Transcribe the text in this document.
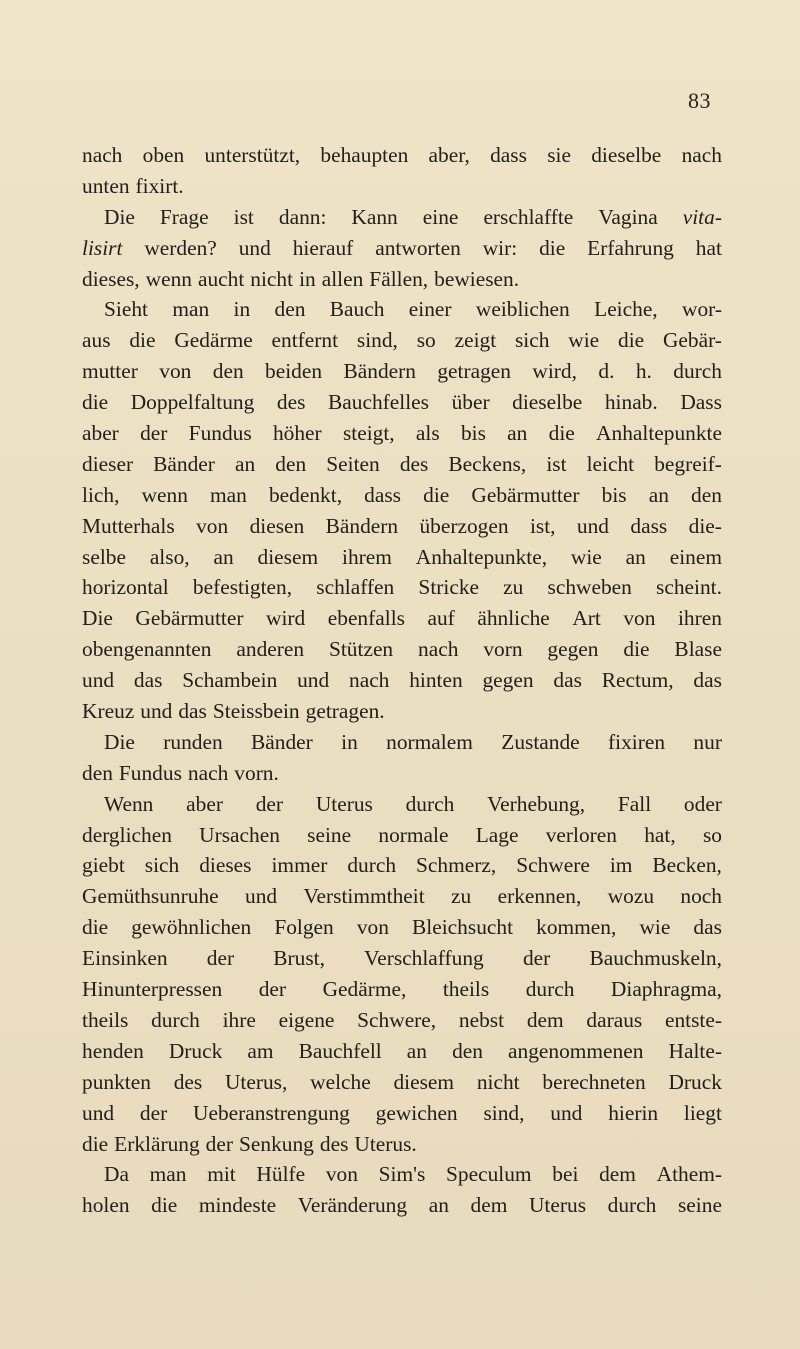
83
nach oben unterstützt, behaupten aber, dass sie dieselbe nach
unten fixirt.
Die Frage ist dann: Kann eine erschlaffte Vagina vita-
lisirt werden? und hierauf antworten wir: die Erfahrung hat
dieses, wenn aucht nicht in allen Fällen, bewiesen.
Sieht man in den Bauch einer weiblichen Leiche, wor-
aus die Gedärme entfernt sind, so zeigt sich wie die Gebär-
mutter von den beiden Bändern getragen wird, d. h. durch
die Doppelfaltung des Bauchfelles über dieselbe hinab. Dass
aber der Fundus höher steigt, als bis an die Anhaltepunkte
dieser Bänder an den Seiten des Beckens, ist leicht begreif-
lich, wenn man bedenkt, dass die Gebärmutter bis an den
Mutterhals von diesen Bändern überzogen ist, und dass die-
selbe also, an diesem ihrem Anhaltepunkte, wie an einem
horizontal befestigten, schlaffen Stricke zu schweben scheint.
Die Gebärmutter wird ebenfalls auf ähnliche Art von ihren
obengenannten anderen Stützen nach vorn gegen die Blase
und das Schambein und nach hinten gegen das Rectum, das
Kreuz und das Steissbein getragen.
Die runden Bänder in normalem Zustande fixiren nur
den Fundus nach vorn.
Wenn aber der Uterus durch Verhebung, Fall oder
derglichen Ursachen seine normale Lage verloren hat, so
giebt sich dieses immer durch Schmerz, Schwere im Becken,
Gemüthsunruhe und Verstimmtheit zu erkennen, wozu noch
die gewöhnlichen Folgen von Bleichsucht kommen, wie das
Einsinken der Brust, Verschlaffung der Bauchmuskeln,
Hinunterpressen der Gedärme, theils durch Diaphragma,
theils durch ihre eigene Schwere, nebst dem daraus entste-
henden Druck am Bauchfell an den angenommenen Halte-
punkten des Uterus, welche diesem nicht berechneten Druck
und der Ueberanstrengung gewichen sind, und hierin liegt
die Erklärung der Senkung des Uterus.
Da man mit Hülfe von Sim's Speculum bei dem Athem-
holen die mindeste Veränderung an dem Uterus durch seine
